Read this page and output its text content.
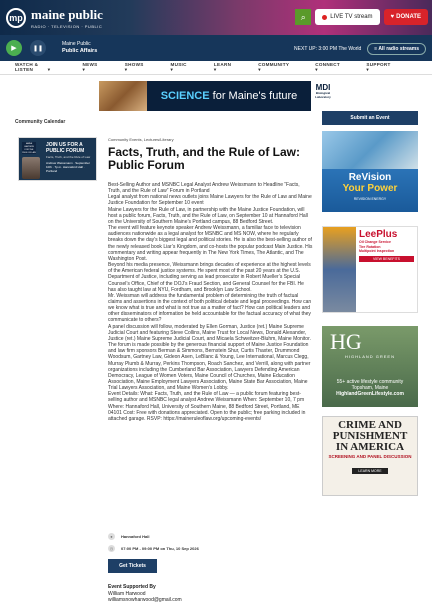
mp maine public
RADIO · TELEVISION · PUBLIC
⌕	LIVE TV stream	♥ DONATE
▶	❚❚
Maine Public
Public Affairs	NEXT UP: 3:00 PM The World	≡ All radio streams
WATCH & LISTEN	▾
NEWS ▾
SHOWS ▾
MUSIC ▾
LEARN ▾
COMMUNITY ▾
CONNECT ▾
SUPPORT ▾
SCIENCE for Maine's future
MDI
Biological Laboratory
Community Calendar
Submit an Event
MAINE LAWYERS FOR THE RULE OF LAW
JOIN US FOR A PUBLIC FORUM
Facts, Truth, and the Rule of Law
Andrew Weissmann · September 10th · 7p.m. Hannaford Hall · Portland
Community Events, Lectures/Literary
Facts, Truth, and the Rule of Law: Public Forum
Best-Selling Author and MSNBC Legal Analyst Andrew Weissmann to Headline “Facts, Truth, and the Rule of Law” Forum in Portland
Legal analyst from national news outlets joins Maine Lawyers for the Rule of Law and Maine Justice Foundation for September 10 event
Maine Lawyers for the Rule of Law, in partnership with the Maine Justice Foundation, will host a public forum, Facts, Truth, and the Rule of Law, on September 10 at Hannaford Hall on the University of Southern Maine’s Portland campus, 88 Bedford Street.
The event will feature keynote speaker Andrew Weissmann, a familiar face to television audiences nationwide as a legal analyst for MSNBC and MS NOW, where he regularly breaks down the day’s biggest legal and political stories. He is also the best-selling author of the newly released book Liar’s Kingdom, and co-hosts the popular podcast Main Justice. His commentary and writing appear frequently in The New York Times, The Atlantic, and The Washington Post.
Beyond his media presence, Weissmann brings decades of experience at the highest levels of the American federal justice systems. He spent most of the past 20 years at the U.S. Department of Justice, including serving as lead prosecutor in Robert Mueller’s Special Counsel’s Office, Chief of the DOJ’s Fraud Section, and General Counsel for the FBI. He has also taught law at NYU, Fordham, and Brooklyn Law School.
Mr. Weissman will address the fundamental problem of determining the truth of factual claims and assertions in the context of both political debate and legal proceedings. How can we know what is true and what is not true as a matter of fact? How can political leaders and other disseminators of information be held accountable for the factual accuracy of what they communicate to others?
A panel discussion will follow, moderated by Ellen Gorman, Justice (ret.) Maine Supreme Judicial Court and featuring Steve Collins, Maine Trust for Local News, Donald Alexander, Justice (ret.) Maine Supreme Judicial Court, and Micaela Schweitzer-Bluhm, Maine Monitor.
The forum is made possible by the generous financial support of Maine Justice Foundation and law firm sponsors Berman & Simmons, Bernstein Shur, Curtis Thaxter, Drummond Woodsum, Gartney Law, Gideon Asen, LeBlanc & Young, Lee International, Marcus Clegg, Murray Plumb & Murray, Perkins Thompson, Roach Sanchez, and Verrill, along with partner organizations including the Cumberland Bar Association, Lawyers Defending American Democracy, League of Women Voters, Maine Council of Churches, Maine Education Association, Maine Employment Lawyers Association, Maine State Bar Association, Maine Trial Lawyers Association, and Maine Women’s Lobby.
Event Details: What: Facts, Truth, and the Rule of Law — a public forum featuring best-selling author and MSNBC legal analyst Andrew Weissmann When: September 10, 7 pm Where: Hannaford Hall, University of Southern Maine, 88 Bedford Street, Portland, ME 04101 Cost: Free with donations appreciated. Open to the public; free parking included in attached garage. RSVP: https://mainerulеoflaw.org/upcoming-events/
●	Hannaford Hall
◷	07:00 PM - 09:00 PM on Thu, 10 Sep 2026
Get Tickets
Event Supported By
William Harwood
williamsnowharwood@gmail.com
ReVision
Your Power
REVISION ENERGY
LeePlus
Oil Change Service
Tire Rotation
Multipoint Inspection
VIEW BENEFITS
HG
HIGHLAND GREEN
55+ active lifestyle community
Topsham, Maine
HighlandGreenLifestyle.com
CRIME AND
PUNISHMENT
IN AMERICA
SCREENING AND PANEL DISCUSSION
LEARN MORE
